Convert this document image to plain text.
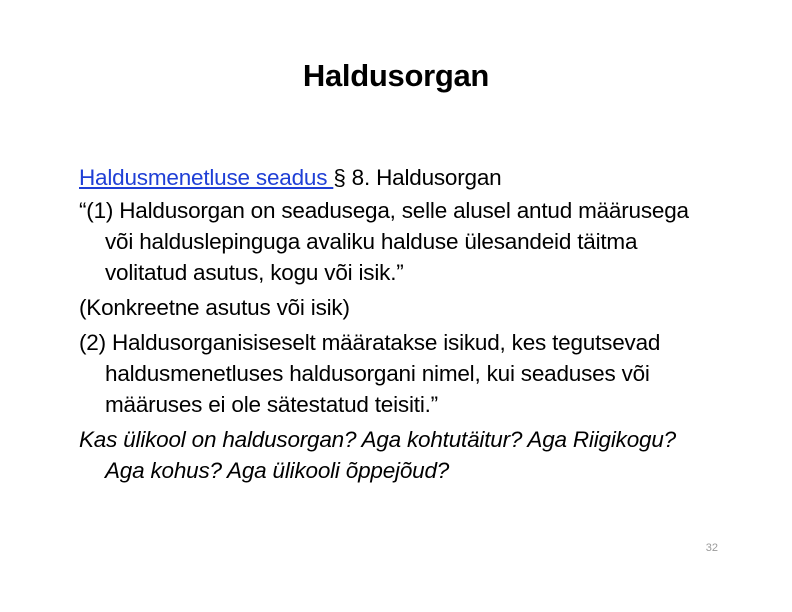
Haldusorgan

Haldusmenetluse seadus § 8. Haldusorgan

“(1) Haldusorgan on seadusega, selle alusel antud määrusega või halduslepinguga avaliku halduse ülesandeid täitma volitatud asutus, kogu või isik.”

(Konkreetne asutus või isik)

(2) Haldusorganisiseselt määratakse isikud, kes tegutsevad haldusmenetluses haldusorgani nimel, kui seaduses või määruses ei ole sätestatud teisiti.”

Kas ülikool on haldusorgan? Aga kohtutäitur? Aga Riigikogu? Aga kohus? Aga ülikooli õppejõud?

32
